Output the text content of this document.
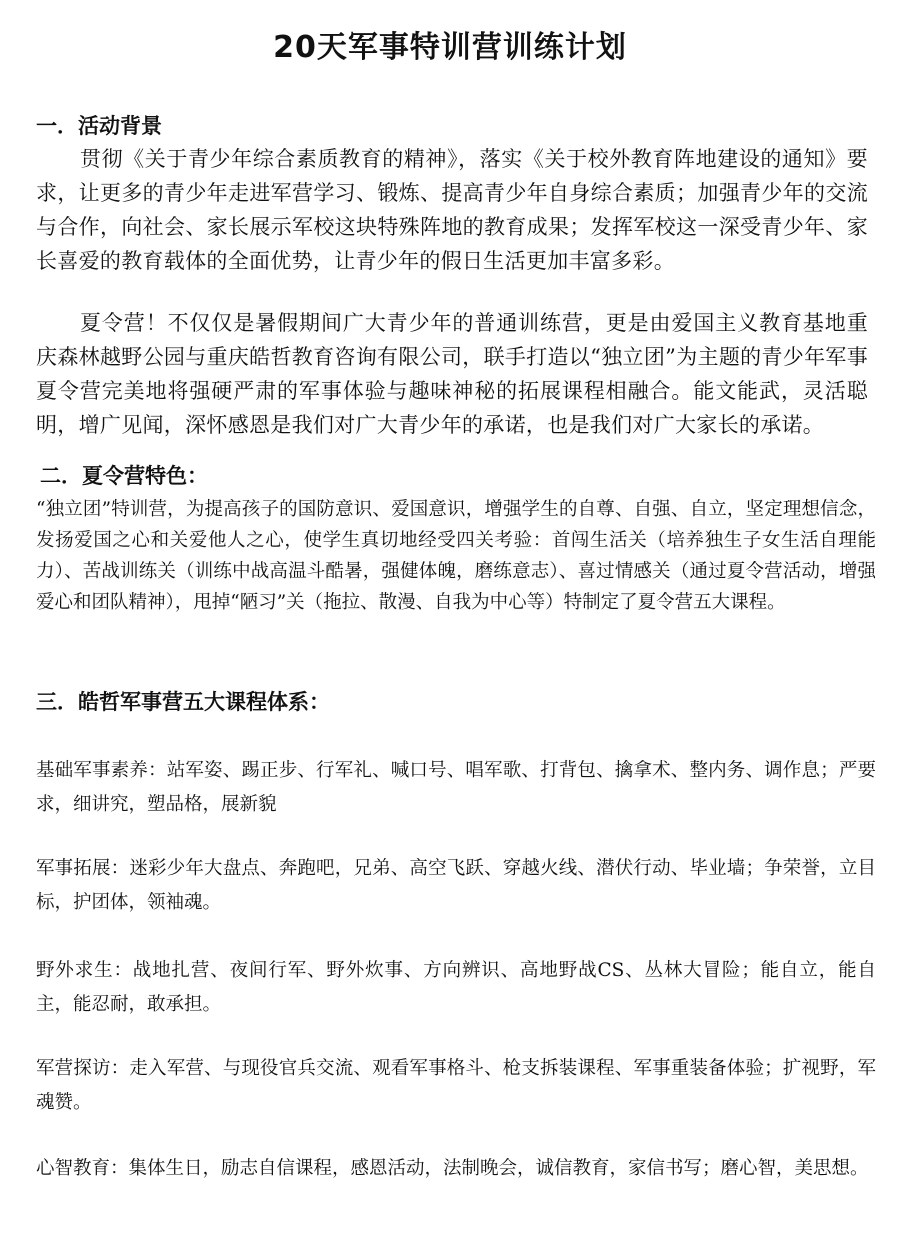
20天军事特训营训练计划
一．活动背景

贯彻《关于青少年综合素质教育的精神》，落实《关于校外教育阵地建设的通知》要求，让更多的青少年走进军营学习、锻炼、提高青少年自身综合素质；加强青少年的交流与合作，向社会、家长展示军校这块特殊阵地的教育成果；发挥军校这一深受青少年、家长喜爱的教育载体的全面优势，让青少年的假日生活更加丰富多彩。

夏令营！不仅仅是暑假期间广大青少年的普通训练营，更是由爱国主义教育基地重庆森林越野公园与重庆皓哲教育咨询有限公司，联手打造以“独立团”为主题的青少年军事夏令营完美地将强硬严肃的军事体验与趣味神秘的拓展课程相融合。能文能武，灵活聪明，增广见闻，深怀感恩是我们对广大青少年的承诺，也是我们对广大家长的承诺。

二．夏令营特色：

“独立团”特训营，为提高孩子的国防意识、爱国意识，增强学生的自尊、自强、自立，坚定理想信念，发扬爱国之心和关爱他人之心，使学生真切地经受四关考验：首闯生活关（培养独生子女生活自理能力）、苦战训练关（训练中战高温斗酷暑，强健体魄，磨练意志）、喜过情感关（通过夏令营活动，增强爱心和团队精神），甩掉“陋习”关（拖拉、散漫、自我为中心等）特制定了夏令营五大课程。

三．皓哲军事营五大课程体系：

基础军事素养：站军姿、踢正步、行军礼、喊口号、唱军歌、打背包、擒拿术、整内务、调作息；严要求，细讲究，塑品格，展新貌

军事拓展：迷彩少年大盘点、奔跑吧，兄弟、高空飞跃、穿越火线、潜伏行动、毕业墙；争荣誉，立目标，护团体，领袖魂。

野外求生：战地扎营、夜间行军、野外炊事、方向辨识、高地野战CS、丛林大冒险；能自立，能自主，能忍耐，敢承担。

军营探访：走入军营、与现役官兵交流、观看军事格斗、枪支拆装课程、军事重装备体验；扩视野，军魂赞。

心智教育：集体生日，励志自信课程，感恩活动，法制晚会，诚信教育，家信书写；磨心智，美思想。
